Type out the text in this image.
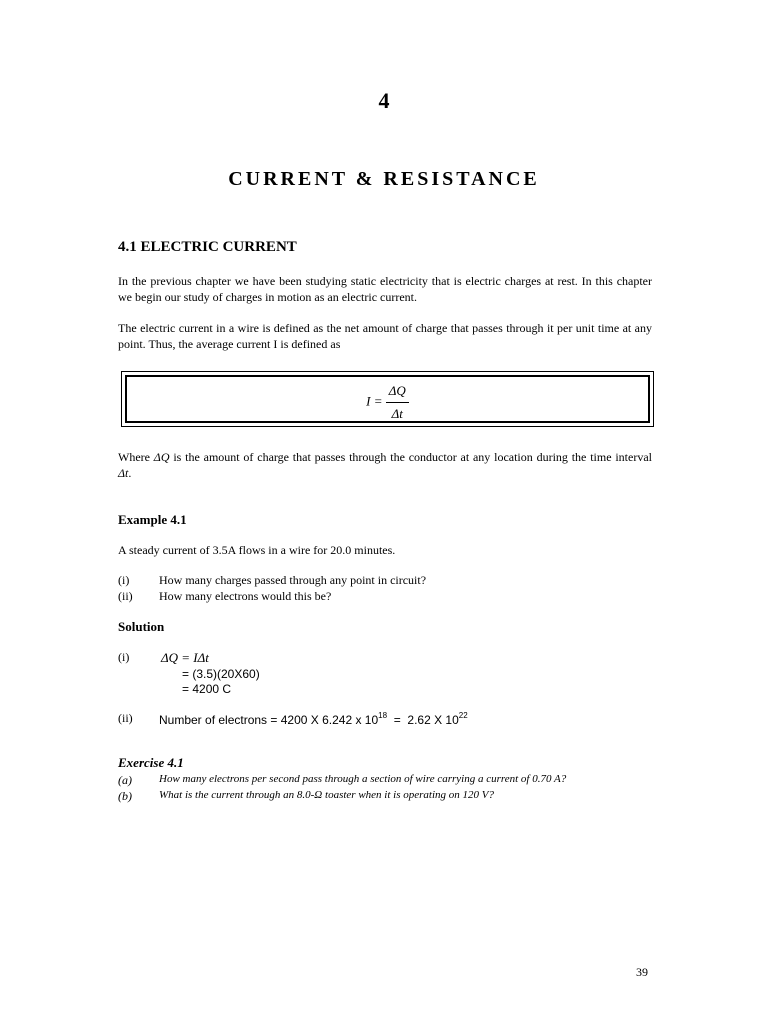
4
CURRENT & RESISTANCE
4.1 ELECTRIC CURRENT
In the previous chapter we have been studying static electricity that is electric charges at rest. In this chapter we begin our study of charges in motion as an electric current.
The electric current in a wire is defined as the net amount of charge that passes through it per unit time at any point. Thus, the average current I is defined as
$I = \frac{\Delta Q}{\Delta t}$
Where ΔQ is the amount of charge that passes through the conductor at any location during the time interval Δt.
Example 4.1
A steady current of 3.5A flows in a wire for 20.0 minutes.
(i) How many charges passed through any point in circuit?
(ii) How many electrons would this be?
Solution
(i) ΔQ = IΔt
= (3.5)(20X60)
= 4200 C
(ii) Number of electrons = 4200 X 6.242 x $10^{18} = 2.62$ X $10^{22}$
Exercise 4.1
(a) How many electrons per second pass through a section of wire carrying a current of 0.70 A?
(b) What is the current through an 8.0-Ω toaster when it is operating on 120 V?
39
